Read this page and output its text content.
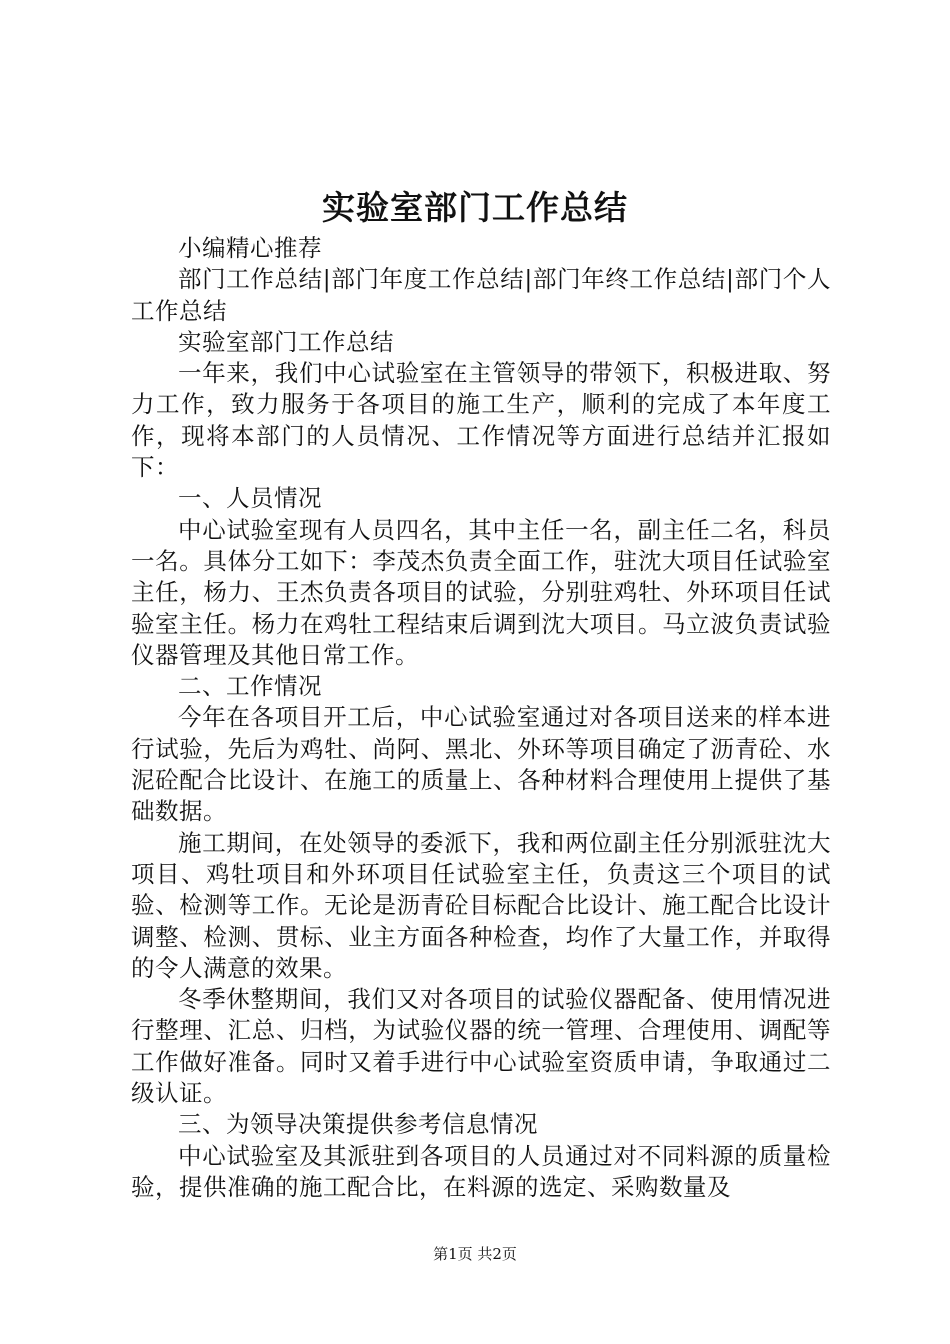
实验室部门工作总结

小编精心推荐

部门工作总结|部门年度工作总结|部门年终工作总结|部门个人工作总结

实验室部门工作总结

一年来，我们中心试验室在主管领导的带领下，积极进取、努力工作，致力服务于各项目的施工生产，顺利的完成了本年度工作，现将本部门的人员情况、工作情况等方面进行总结并汇报如下：

一、人员情况

中心试验室现有人员四名，其中主任一名，副主任二名，科员一名。具体分工如下：李茂杰负责全面工作，驻沈大项目任试验室主任，杨力、王杰负责各项目的试验，分别驻鸡牡、外环项目任试验室主任。杨力在鸡牡工程结束后调到沈大项目。马立波负责试验仪器管理及其他日常工作。

二、工作情况

今年在各项目开工后，中心试验室通过对各项目送来的样本进行试验，先后为鸡牡、尚阿、黑北、外环等项目确定了沥青砼、水泥砼配合比设计、在施工的质量上、各种材料合理使用上提供了基础数据。

施工期间，在处领导的委派下，我和两位副主任分别派驻沈大项目、鸡牡项目和外环项目任试验室主任，负责这三个项目的试验、检测等工作。无论是沥青砼目标配合比设计、施工配合比设计调整、检测、贯标、业主方面各种检查，均作了大量工作，并取得的令人满意的效果。

冬季休整期间，我们又对各项目的试验仪器配备、使用情况进行整理、汇总、归档，为试验仪器的统一管理、合理使用、调配等工作做好准备。同时又着手进行中心试验室资质申请，争取通过二级认证。

三、为领导决策提供参考信息情况

中心试验室及其派驻到各项目的人员通过对不同料源的质量检验，提供准确的施工配合比，在料源的选定、采购数量及

第1页 共2页
